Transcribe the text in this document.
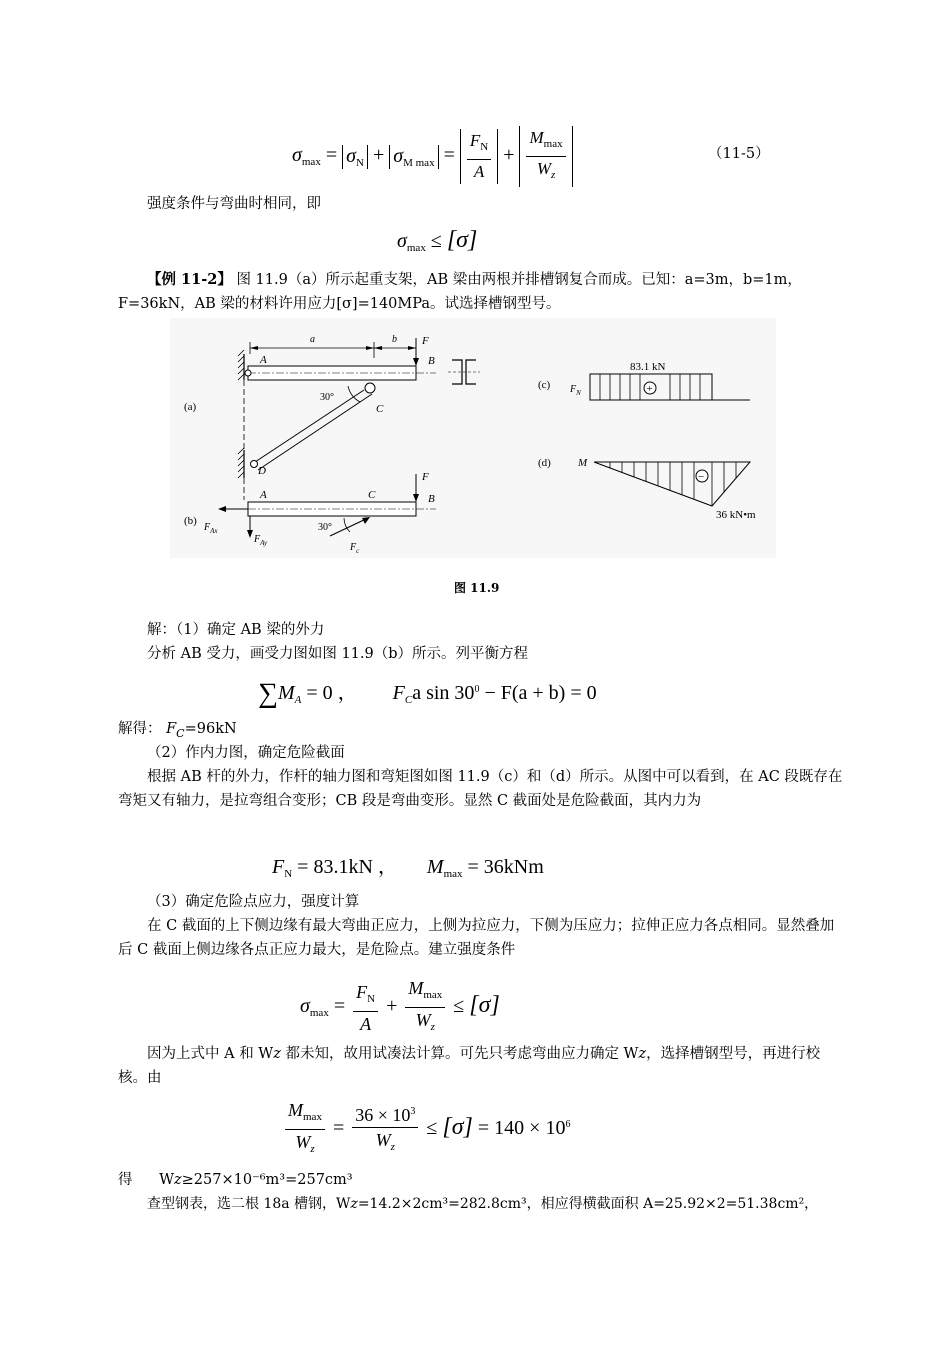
$\sigma_{max} = \sigma_N + \sigma_{M max} = \frac{F_N}{A} + \frac{M_{max}}{W_z}$	（11-5）
强度条件与弯曲时相同，即
$\sigma_{max} \le [\sigma]$
【例 11-2】 图 11.9（a）所示起重支架，AB 梁由两根并排槽钢复合而成。已知：a=3m，b=1m，
F=36kN，AB 梁的材料许用应力[σ]=140MPa。试选择槽钢型号。
(a)
a	b
A	B
F
30°
C
D
(b)
$F_{Ax}$
$F_{Ay}$
A	C	B
F
30°
$F_c$
(c) $F_N$	+
83.1 kN
(d) M
−
36 kN•m
图 11.9
解：（1）确定 AB 梁的外力
分析 AB 受力，画受力图如图 11.9（b）所示。列平衡方程
$\sum M_A = 0$ ， $F_Ca$ $\sin 30^0 - F(a + b) = 0$
解得： $F_C=96kN$
（2）作内力图，确定危险截面
根据 AB 杆的外力，作杆的轴力图和弯矩图如图 11.9（c）和（d）所示。从图中可以看到，在 AC 段既存在弯矩又有轴力，是拉弯组合变形；CB 段是弯曲变形。显然 C 截面处是危险截面，其内力为
$F_N = 83.1kN$ ， $M_{max} = 36kNm$
（3）确定危险点应力，强度计算
在 C 截面的上下侧边缘有最大弯曲正应力，上侧为拉应力，下侧为压应力；拉伸正应力各点相同。显然叠加后 C 截面上侧边缘各点正应力最大，是危险点。建立强度条件
$\sigma_{max} = \frac{F_N}{A} + \frac{M_{max}}{W_z} \le [\sigma]$
因为上式中 A 和 W𝑧 都未知，故用试凑法计算。可先只考虑弯曲应力确定 W𝑧，选择槽钢型号，再进行校核。由
$\frac{M_{max}}{W_z} = \frac{36 \times 10^3}{W_z} \le [\sigma] = 140 \times 10^6$
得 W𝑧≥257×10⁻⁶m³=257cm³
查型钢表，选二根 18a 槽钢，W𝑧=14.2×2cm³=282.8cm³，相应得横截面积 A=25.92×2=51.38cm²，
